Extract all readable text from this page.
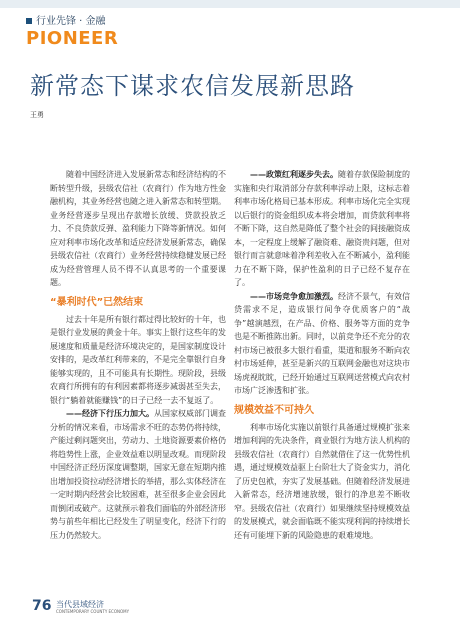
行业先锋 · 金融
PIONEER
新常态下谋求农信发展新思路
王勇

随着中国经济进入发展新常态和经济结构的不断转型升级，县级农信社（农商行）作为地方性金融机构，其业务经营也随之进入新常态和转型期。业务经营逐步呈现出存款增长放缓、贷款投放乏力、不良贷款反弹、盈利能力下降等新情况。如何应对利率市场化改革和适应经济发展新常态，确保县级农信社（农商行）业务经营持续稳健发展已经成为经营管理人员不得不认真思考的一个重要课题。

“暴利时代”已然结束

过去十年是所有银行都过得比较好的十年，也是银行业发展的黄金十年。事实上银行这些年的发展速度和质量是经济环境决定的，是国家制度设计安排的，是改革红利带来的，不是完全靠银行自身能够实现的，且不可能具有长期性。现阶段，县级农商行所拥有的有利因素都将逐步减弱甚至失去，银行“躺着就能赚钱”的日子已经一去不复返了。

——经济下行压力加大。从国家权威部门调查分析的情况来看，市场需求不旺的态势仍将持续，产能过剩问题突出，劳动力、土地资源要素价格仍将趋势性上涨，企业效益难以明显改观。而现阶段中国经济正经历深度调整期，国家无意在短期内推出增加投资拉动经济增长的举措，那么实体经济在一定时期内经营会比较困难，甚至很多企业会因此而倒闭或破产。这就预示着我们面临的外部经济形势与前些年相比已经发生了明显变化，经济下行的压力仍然较大。

——政策红利逐步失去。随着存款保险制度的实施和央行取消部分存款利率浮动上限，这标志着利率市场化格局已基本形成。利率市场化完全实现以后银行的资金组织成本将会增加，而贷款利率将不断下降，这自然是降低了整个社会的间接融资成本，一定程度上缓解了融资难、融资贵问题，但对银行而言就意味着净利差收入在不断减小，盈利能力在不断下降，保护性盈利的日子已经不复存在了。

——市场竞争愈加激烈。经济不景气，有效信贷需求不足，造成银行间争夺优质客户的“战争”越演越烈，在产品、价格、服务等方面的竞争也是不断推陈出新。同时，以前竞争还不充分的农村市场已被很多大银行看重，渠道和服务不断向农村市场延伸，甚至是新兴的互联网金融也对这块市场虎视眈眈，已经开始通过互联网送营模式向农村市场广泛渗透和扩张。

规模效益不可持久

利率市场化实施以前银行具备通过规模扩张来增加利润的先决条件，商业银行为地方法人机构的县级农信社（农商行）自然就借住了这一优势性机遇，通过规模效益驱上台阶壮大了资金实力，消化了历史包袱，夯实了发展基础。但随着经济发展进入新常态，经济增速放缓，银行的净息差不断收窄。县级农信社（农商行）如果继续坚持规模效益的发展模式，就会面临既不能实现利润的持续增长还有可能埋下新的风险隐患的艰难境地。

76 当代县域经济
CONTEMPORARY COUNTY ECONOMY
